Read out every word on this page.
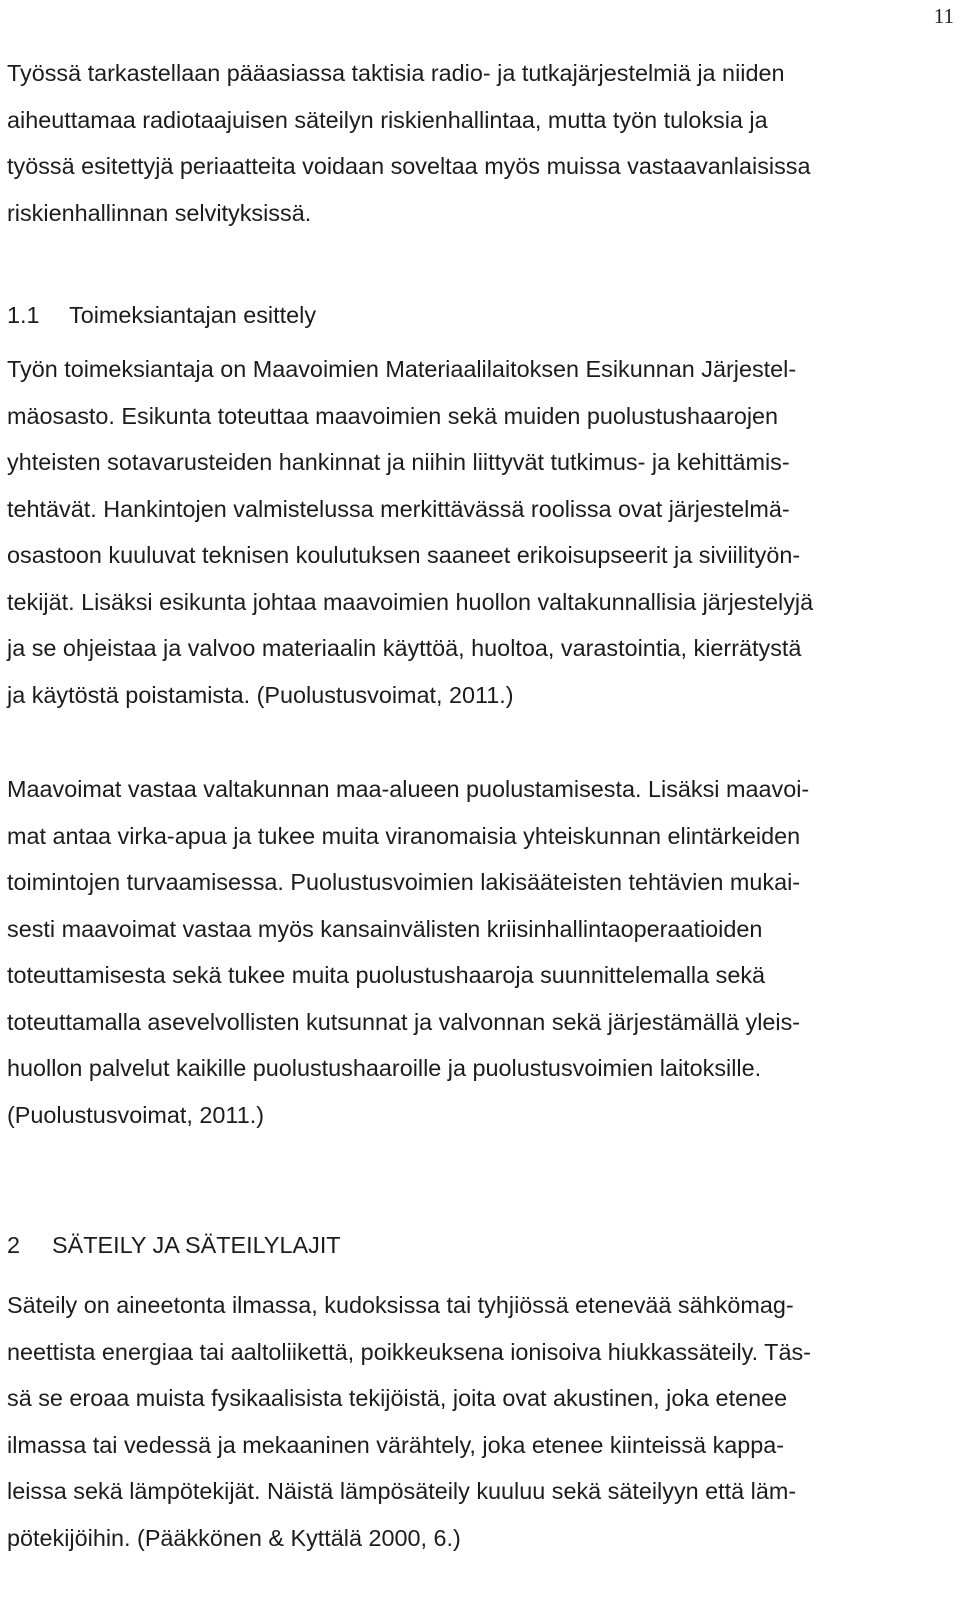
11
Työssä tarkastellaan pääasiassa taktisia radio- ja tutkajärjestelmiä ja niiden
aiheuttamaa radiotaajuisen säteilyn riskienhallintaa, mutta työn tuloksia ja
työssä esitettyjä periaatteita voidaan soveltaa myös muissa vastaavanlaisissa
riskienhallinnan selvityksissä.
1.1 Toimeksiantajan esittely
Työn toimeksiantaja on Maavoimien Materiaalilaitoksen Esikunnan Järjestel-
mäosasto. Esikunta toteuttaa maavoimien sekä muiden puolustushaarojen
yhteisten sotavarusteiden hankinnat ja niihin liittyvät tutkimus- ja kehittämis-
tehtävät. Hankintojen valmistelussa merkittävässä roolissa ovat järjestelmä-
osastoon kuuluvat teknisen koulutuksen saaneet erikoisupseerit ja siviilityön-
tekijät. Lisäksi esikunta johtaa maavoimien huollon valtakunnallisia järjestelyjä
ja se ohjeistaa ja valvoo materiaalin käyttöä, huoltoa, varastointia, kierrätystä
ja käytöstä poistamista. (Puolustusvoimat, 2011.)
Maavoimat vastaa valtakunnan maa-alueen puolustamisesta. Lisäksi maavoi-
mat antaa virka-apua ja tukee muita viranomaisia yhteiskunnan elintärkeiden
toimintojen turvaamisessa. Puolustusvoimien lakisääteisten tehtävien mukai-
sesti maavoimat vastaa myös kansainvälisten kriisinhallintaoperaatioiden
toteuttamisesta sekä tukee muita puolustushaaroja suunnittelemalla sekä
toteuttamalla asevelvollisten kutsunnat ja valvonnan sekä järjestämällä yleis-
huollon palvelut kaikille puolustushaaroille ja puolustusvoimien laitoksille.
(Puolustusvoimat, 2011.)
2 SÄTEILY JA SÄTEILYLAJIT
Säteily on aineetonta ilmassa, kudoksissa tai tyhjiössä etenevää sähkömag-
neettista energiaa tai aaltoliikettä, poikkeuksena ionisoiva hiukkassäteily. Täs-
sä se eroaa muista fysikaalisista tekijöistä, joita ovat akustinen, joka etenee
ilmassa tai vedessä ja mekaaninen värähtely, joka etenee kiinteissä kappa-
leissa sekä lämpötekijät. Näistä lämpösäteily kuuluu sekä säteilyyn että läm-
pötekijöihin. (Pääkkönen & Kyttälä 2000, 6.)
